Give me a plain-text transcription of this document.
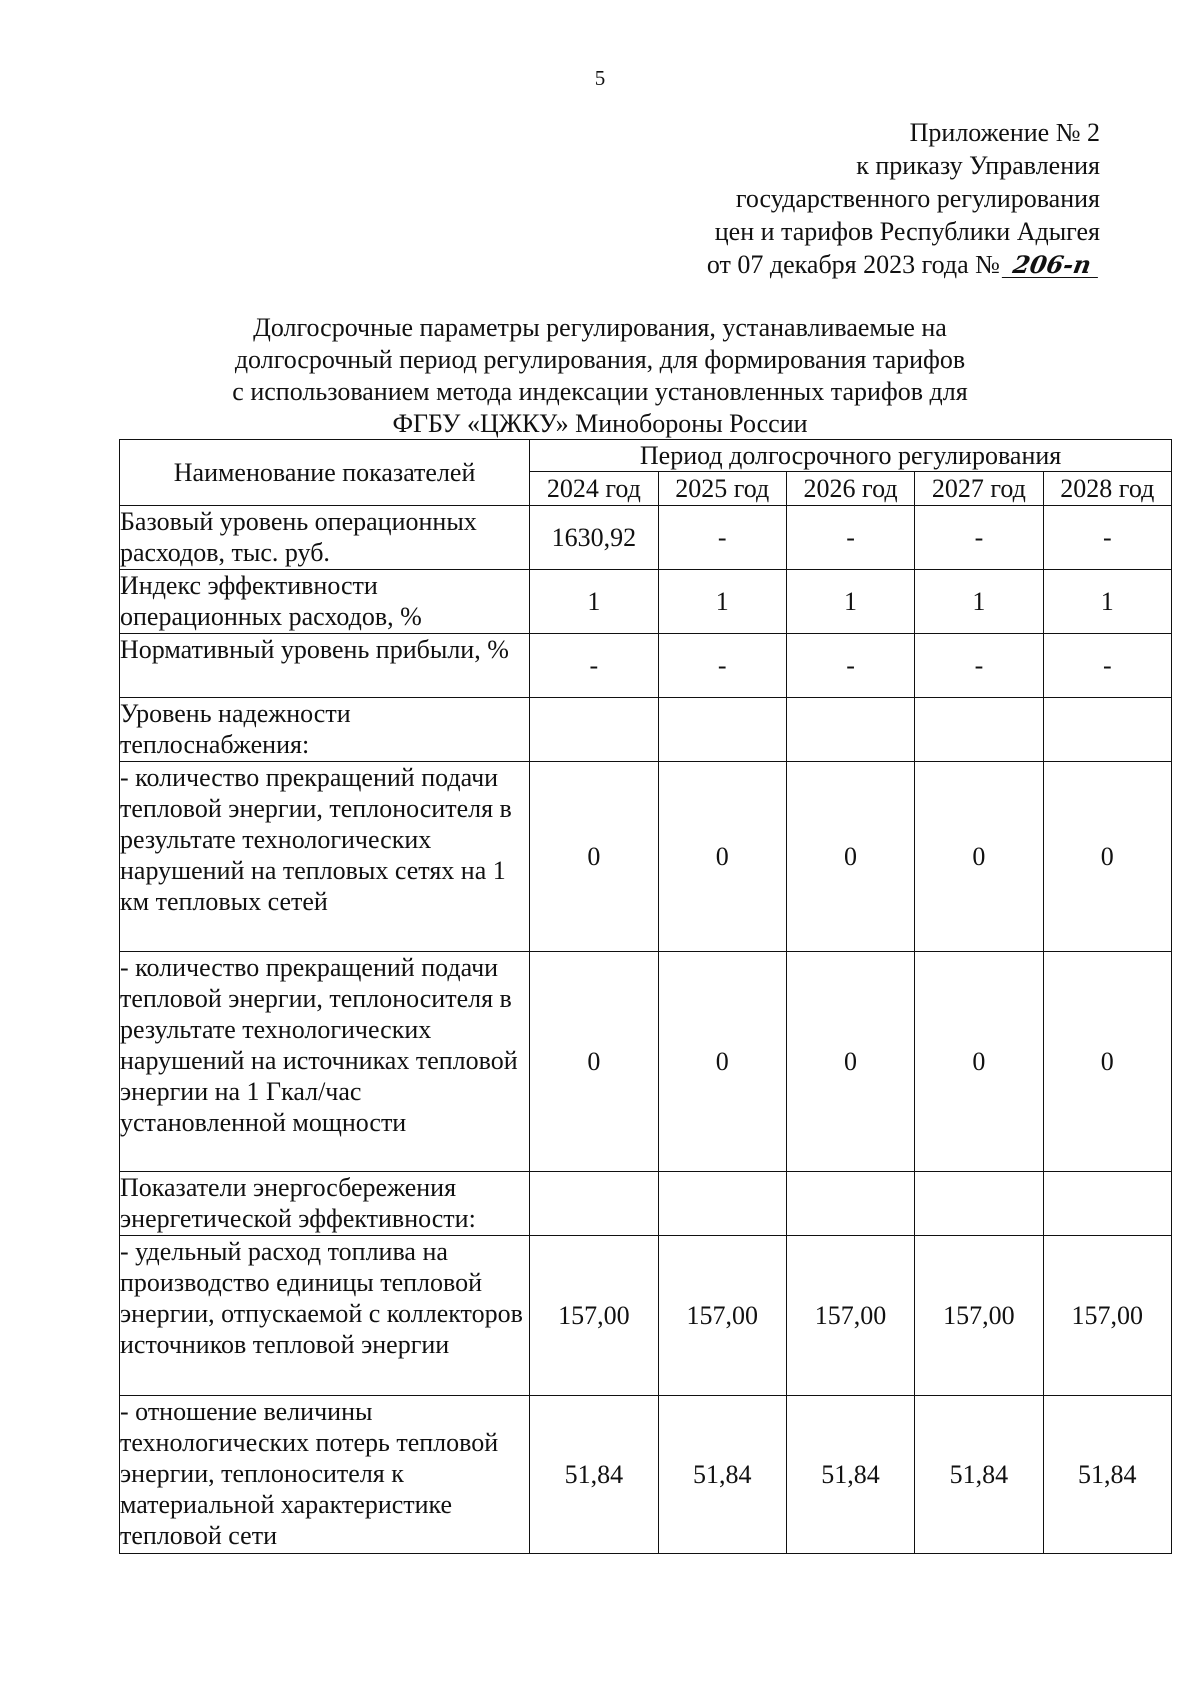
5
Приложение № 2
к приказу Управления
государственного регулирования
цен и тарифов Республики Адыгея
от 07 декабря 2023 года № 206-п
Долгосрочные параметры регулирования, устанавливаемые на
долгосрочный период регулирования, для формирования тарифов
с использованием метода индексации установленных тарифов для
ФГБУ «ЦЖКУ» Минобороны России
Наименование показателей	Период долгосрочного регулирования				
	2024 год	2025 год	2026 год	2027 год	2028 год
Базовый уровень операционных расходов, тыс. руб.	1630,92	-	-	-	-
Индекс эффективности операционных расходов, %	1	1	1	1	1
Нормативный уровень прибыли, %	-	-	-	-	-
Уровень надежности теплоснабжения:					
- количество прекращений подачи тепловой энергии, теплоносителя в результате технологических нарушений на тепловых сетях на 1 км тепловых сетей	0	0	0	0	0
- количество прекращений подачи тепловой энергии, теплоносителя в результате технологических нарушений на источниках тепловой энергии на 1 Гкал/час установленной мощности	0	0	0	0	0
Показатели энергосбережения энергетической эффективности:					
- удельный расход топлива на производство единицы тепловой энергии, отпускаемой с коллекторов источников тепловой энергии	157,00	157,00	157,00	157,00	157,00
- отношение величины технологических потерь тепловой энергии, теплоносителя к материальной характеристике тепловой сети	51,84	51,84	51,84	51,84	51,84
